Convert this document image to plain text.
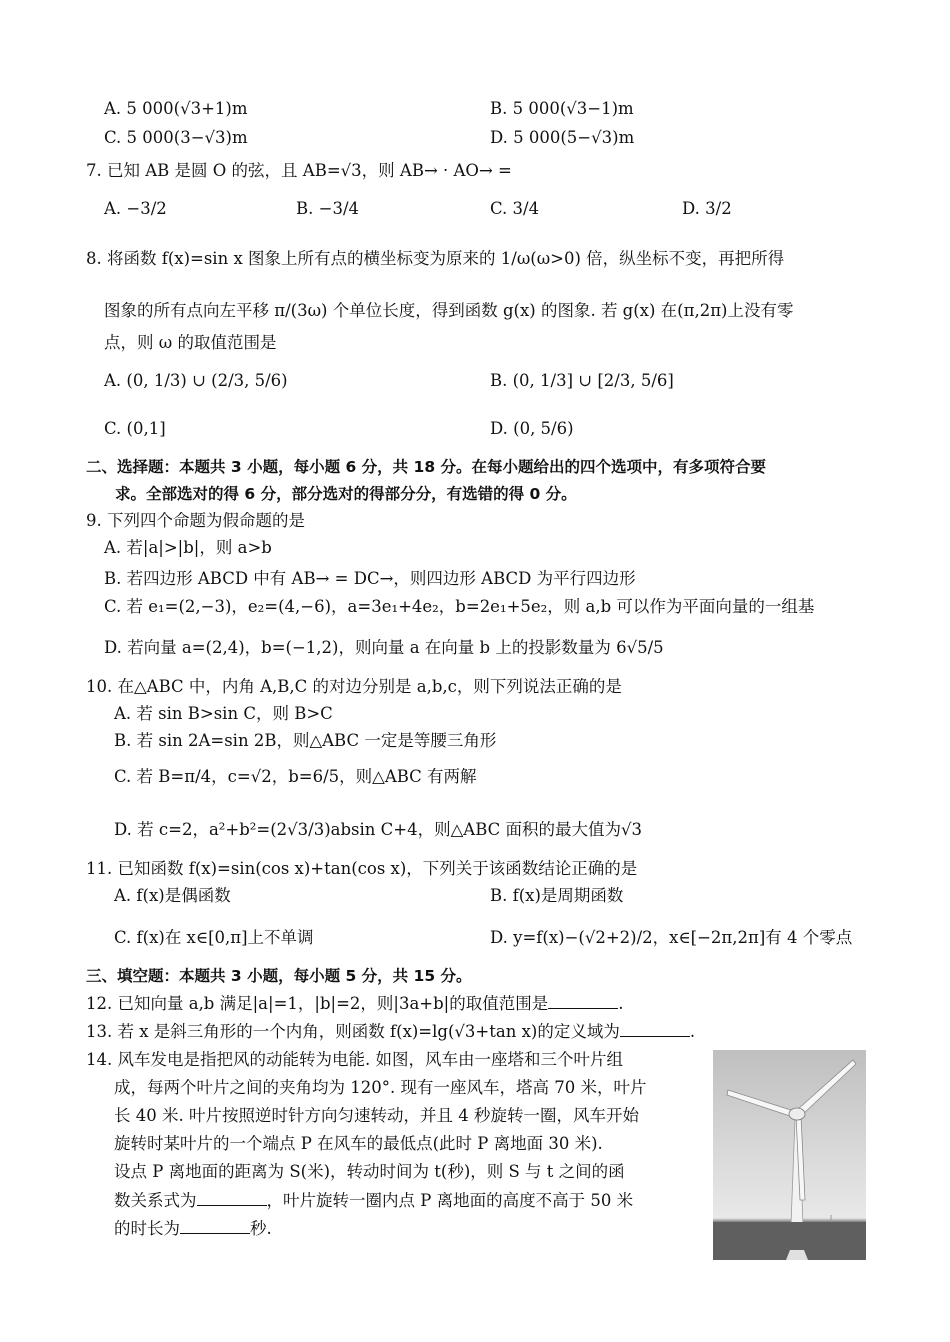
A. 5 000(√3+1)m	B. 5 000(√3−1)m
C. 5 000(3−√3)m	D. 5 000(5−√3)m
7. 已知 AB 是圆 O 的弦，且 AB=√3，则 AB→ · AO→ =
A. −3/2	B. −3/4	C. 3/4	D. 3/2
8. 将函数 f(x)=sin x 图象上所有点的横坐标变为原来的 1/ω(ω>0) 倍，纵坐标不变，再把所得
图象的所有点向左平移 π/(3ω) 个单位长度，得到函数 g(x) 的图象. 若 g(x) 在(π,2π)上没有零
点，则 ω 的取值范围是
A. (0, 1/3) ∪ (2/3, 5/6)	B. (0, 1/3] ∪ [2/3, 5/6]
C. (0,1]	D. (0, 5/6)
二、选择题：本题共 3 小题，每小题 6 分，共 18 分。在每小题给出的四个选项中，有多项符合要
求。全部选对的得 6 分，部分选对的得部分分，有选错的得 0 分。
9. 下列四个命题为假命题的是
A. 若|a|>|b|，则 a>b
B. 若四边形 ABCD 中有 AB→ = DC→，则四边形 ABCD 为平行四边形
C. 若 e₁=(2,−3)，e₂=(4,−6)，a=3e₁+4e₂，b=2e₁+5e₂，则 a,b 可以作为平面向量的一组基
D. 若向量 a=(2,4)，b=(−1,2)，则向量 a 在向量 b 上的投影数量为 6√5/5
10. 在△ABC 中，内角 A,B,C 的对边分别是 a,b,c，则下列说法正确的是
A. 若 sin B>sin C，则 B>C
B. 若 sin 2A=sin 2B，则△ABC 一定是等腰三角形
C. 若 B=π/4，c=√2，b=6/5，则△ABC 有两解
D. 若 c=2，a²+b²=(2√3/3)absin C+4，则△ABC 面积的最大值为√3
11. 已知函数 f(x)=sin(cos x)+tan(cos x)，下列关于该函数结论正确的是
A. f(x)是偶函数	B. f(x)是周期函数
C. f(x)在 x∈[0,π]上不单调	D. y=f(x)−(√2+2)/2，x∈[−2π,2π]有 4 个零点
三、填空题：本题共 3 小题，每小题 5 分，共 15 分。
12. 已知向量 a,b 满足|a|=1，|b|=2，则|3a+b|的取值范围是	.
13. 若 x 是斜三角形的一个内角，则函数 f(x)=lg(√3+tan x)的定义域为	.
14. 风车发电是指把风的动能转为电能. 如图，风车由一座塔和三个叶片组
成，每两个叶片之间的夹角均为 120°. 现有一座风车，塔高 70 米，叶片
长 40 米. 叶片按照逆时针方向匀速转动，并且 4 秒旋转一圈，风车开始
旋转时某叶片的一个端点 P 在风车的最低点(此时 P 离地面 30 米).
设点 P 离地面的距离为 S(米)，转动时间为 t(秒)，则 S 与 t 之间的函
数关系式为	，叶片旋转一圈内点 P 离地面的高度不高于 50 米
的时长为	秒.
